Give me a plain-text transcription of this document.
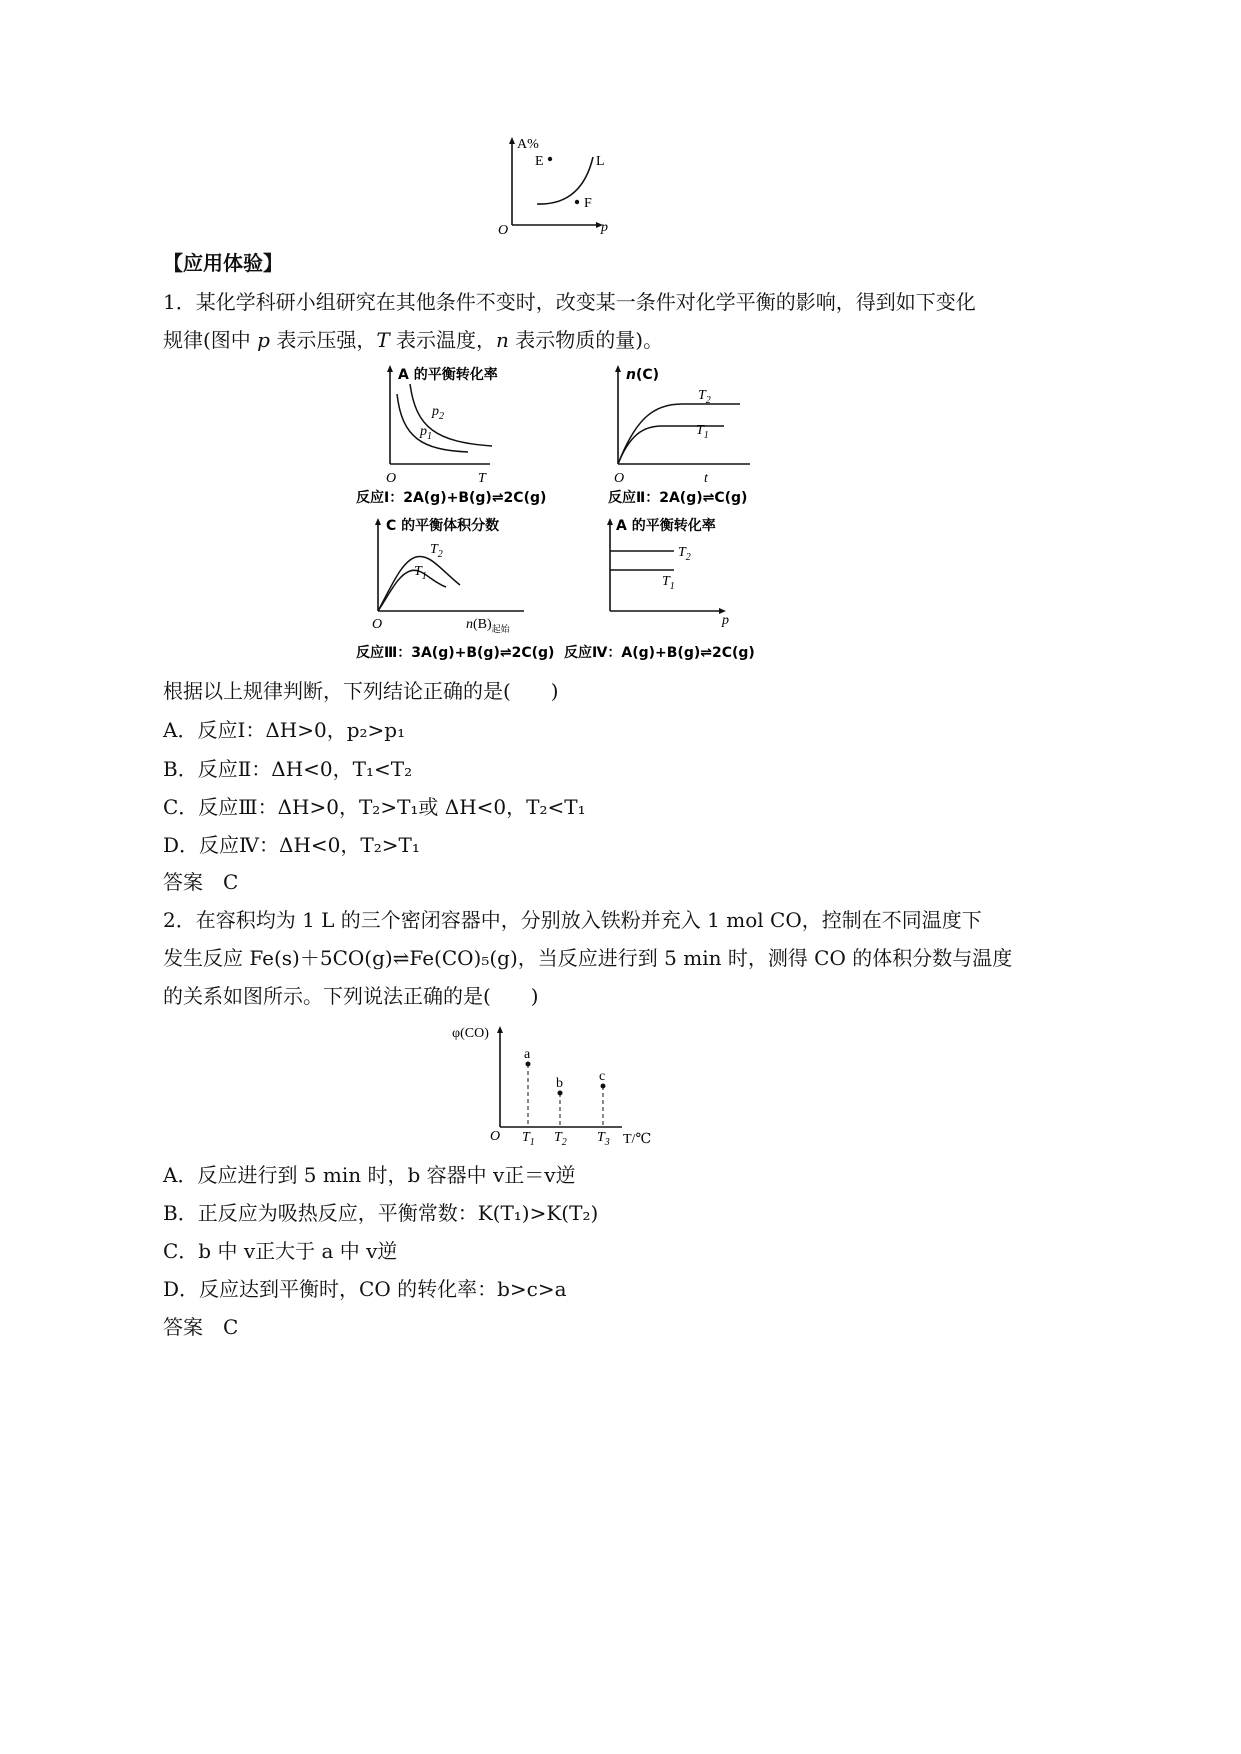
A%
E	L
F
O	p
【应用体验】
1．某化学科研小组研究在其他条件不变时，改变某一条件对化学平衡的影响，得到如下变化
规律(图中 p 表示压强，T 表示温度，n 表示物质的量)。
A 的平衡转化率
$p_2$
$p_1$
O	T
反应Ⅰ：2A(g)+B(g)⇌2C(g)
n(C)
$T_2$
$T_1$
O	t
反应Ⅱ：2A(g)⇌C(g)
C 的平衡体积分数
$T_2$
$T_1$
O	$n(B)_{起始}$
反应Ⅲ：3A(g)+B(g)⇌2C(g)
A 的平衡转化率
$T_2$
$T_1$
p
反应Ⅳ：A(g)+B(g)⇌2C(g)
根据以上规律判断，下列结论正确的是(　　)
A．反应Ⅰ：ΔH>0，p₂>p₁
B．反应Ⅱ：ΔH<0，T₁<T₂
C．反应Ⅲ：ΔH>0，T₂>T₁或 ΔH<0，T₂<T₁
D．反应Ⅳ：ΔH<0，T₂>T₁
答案　 C
2．在容积均为 1 L 的三个密闭容器中，分别放入铁粉并充入 1 mol CO，控制在不同温度下
发生反应 Fe(s)＋5CO(g)⇌Fe(CO)₅(g)，当反应进行到 5 min 时，测得 CO 的体积分数与温度
的关系如图所示。下列说法正确的是(　　)
φ(CO)
a
b	c
O $T_1$ $T_2$ $T_3$ T/℃
A．反应进行到 5 min 时，b 容器中 v正＝v逆
B．正反应为吸热反应，平衡常数：K(T₁)>K(T₂)
C．b 中 v正大于 a 中 v逆
D．反应达到平衡时，CO 的转化率：b>c>a
答案　 C
